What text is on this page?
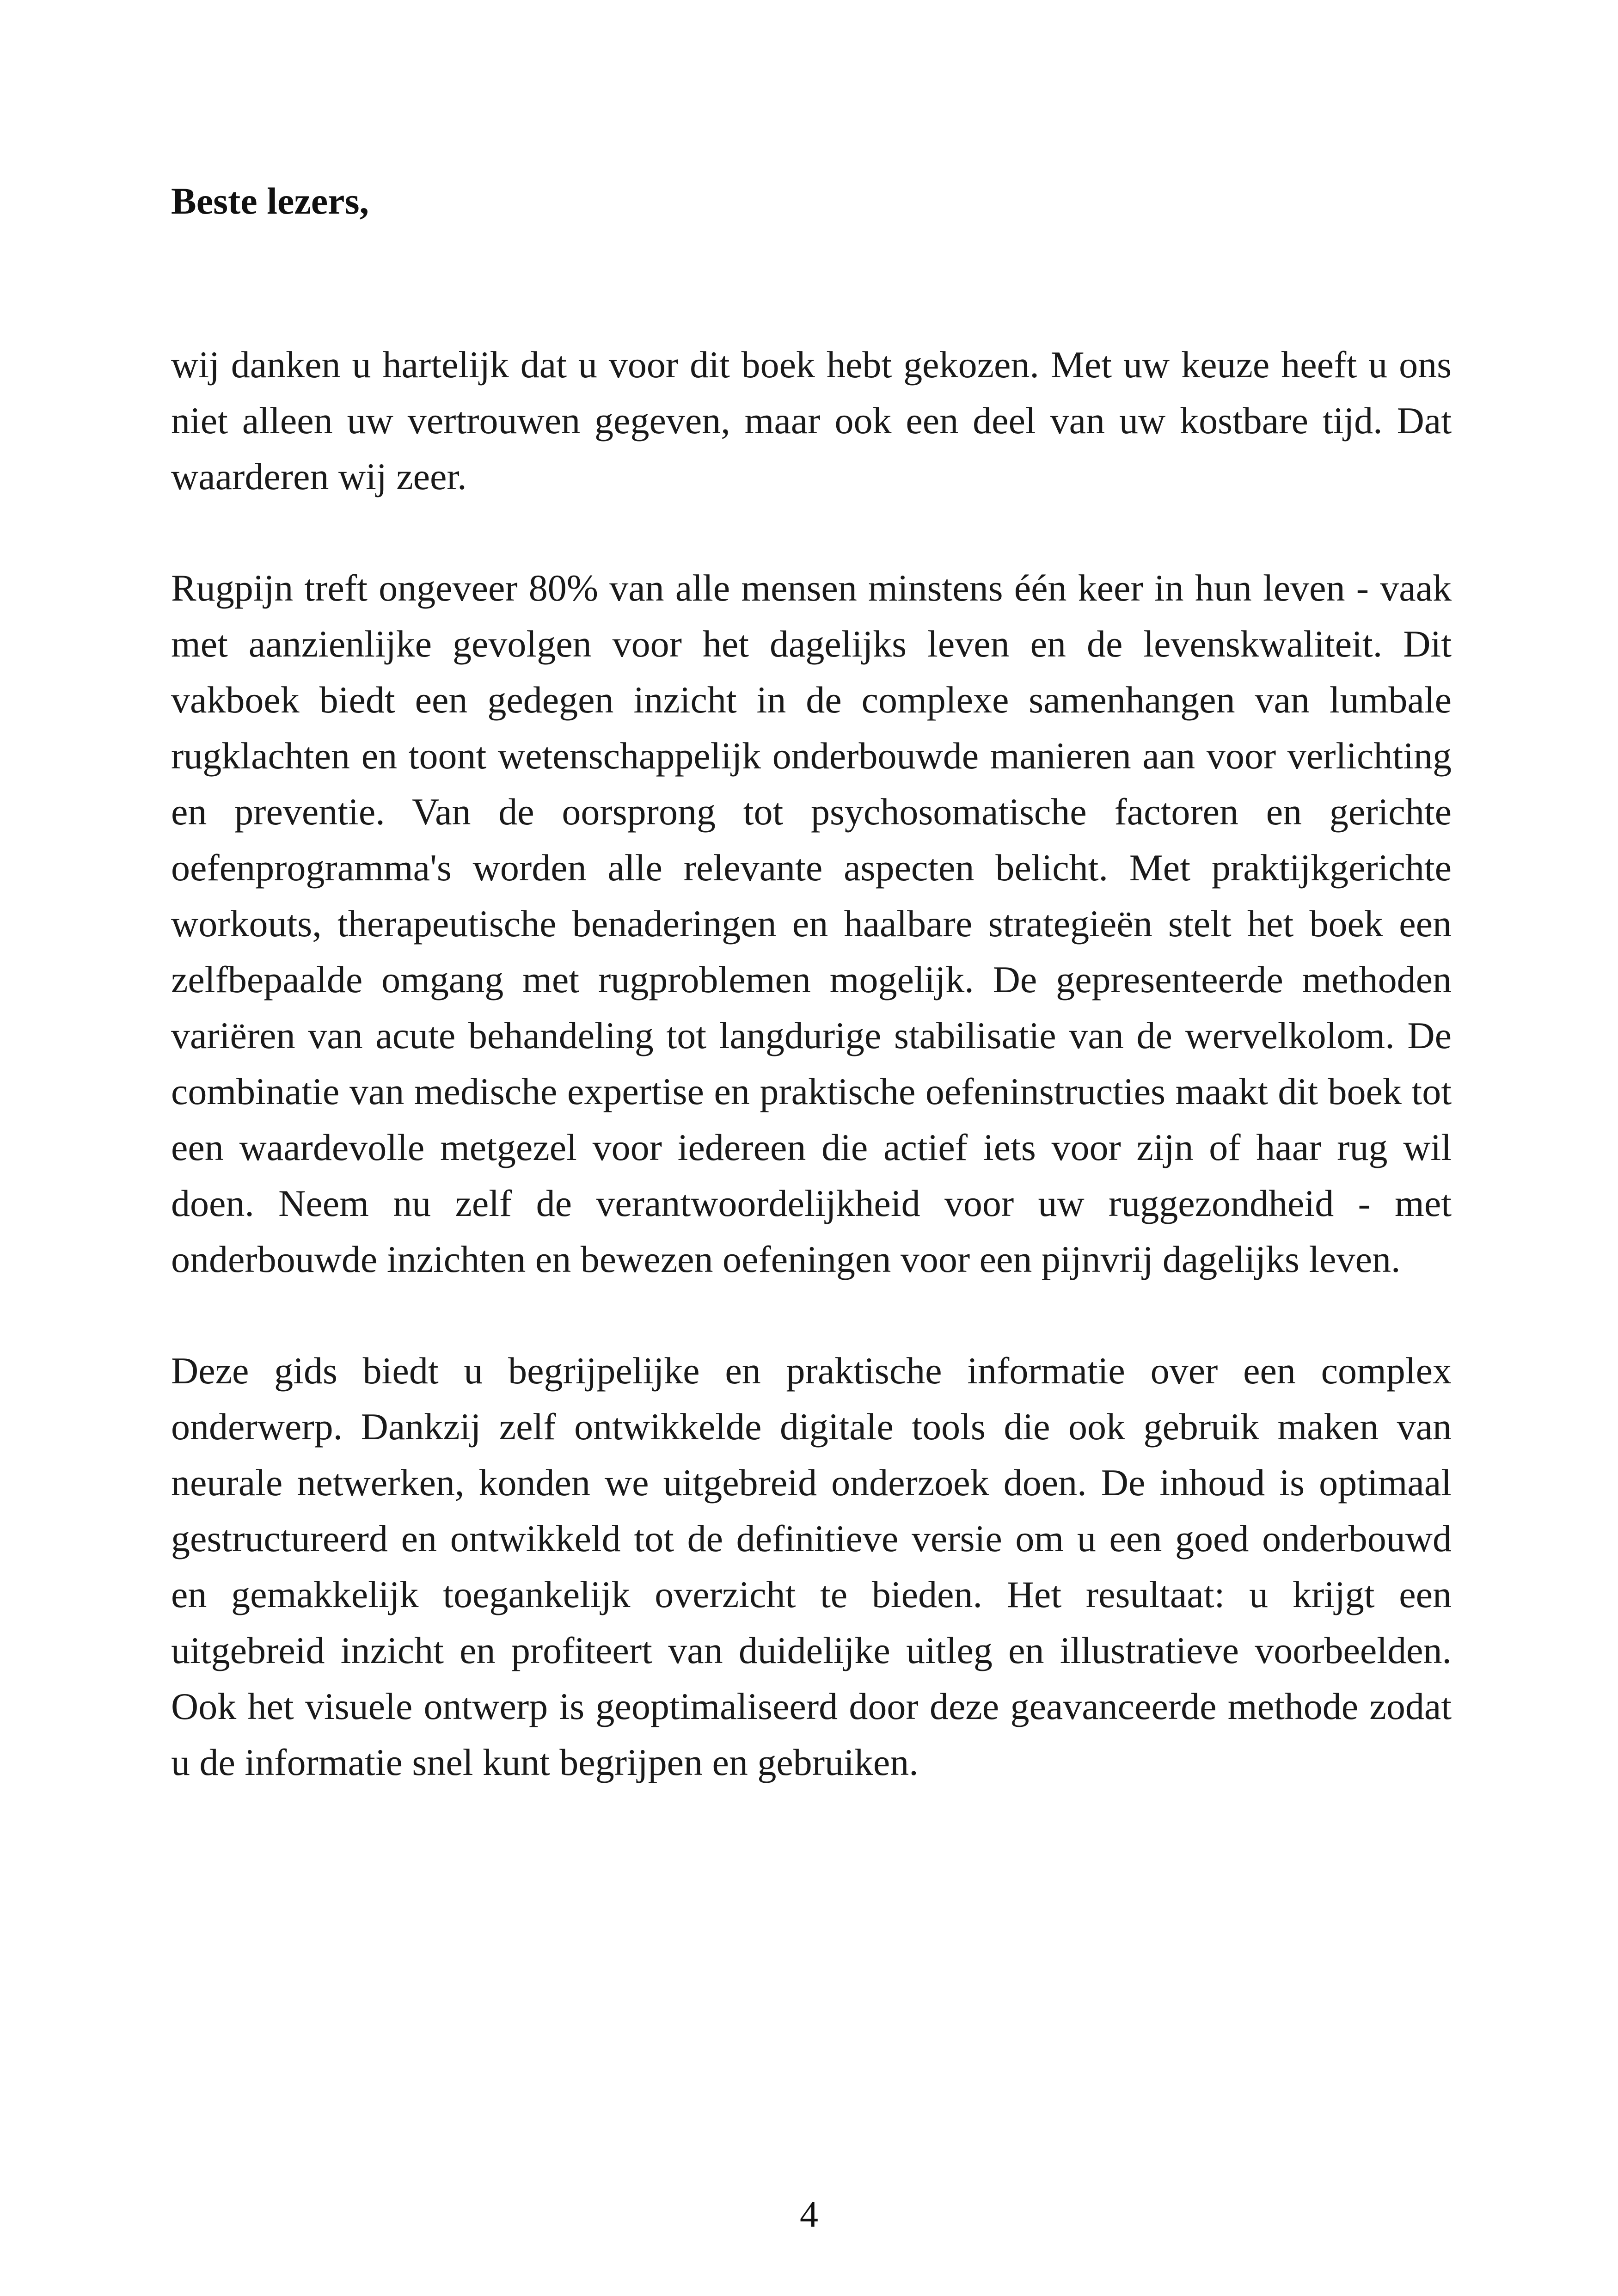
Beste lezers,

wij danken u hartelijk dat u voor dit boek hebt gekozen. Met uw keuze heeft u ons niet alleen uw vertrouwen gegeven, maar ook een deel van uw kostbare tijd. Dat waarderen wij zeer.

Rugpijn treft ongeveer 80% van alle mensen minstens één keer in hun leven - vaak met aanzienlijke gevolgen voor het dagelijks leven en de levenskwaliteit. Dit vakboek biedt een gedegen inzicht in de complexe samenhangen van lumbale rugklachten en toont wetenschappelijk onderbouwde manieren aan voor verlichting en preventie. Van de oorsprong tot psychosomatische factoren en gerichte oefenprogramma's worden alle relevante aspecten belicht. Met praktijkgerichte workouts, therapeutische benaderingen en haalbare strategieën stelt het boek een zelfbepaalde omgang met rugproblemen mogelijk. De gepresenteerde methoden variëren van acute behandeling tot langdurige stabilisatie van de wervelkolom. De combinatie van medische expertise en praktische oefeninstructies maakt dit boek tot een waardevolle metgezel voor iedereen die actief iets voor zijn of haar rug wil doen. Neem nu zelf de verantwoordelijkheid voor uw ruggezondheid - met onderbouwde inzichten en bewezen oefeningen voor een pijnvrij dagelijks leven.

Deze gids biedt u begrijpelijke en praktische informatie over een complex onderwerp. Dankzij zelf ontwikkelde digitale tools die ook gebruik maken van neurale netwerken, konden we uitgebreid onderzoek doen. De inhoud is optimaal gestructureerd en ontwikkeld tot de definitieve versie om u een goed onderbouwd en gemakkelijk toegankelijk overzicht te bieden. Het resultaat: u krijgt een uitgebreid inzicht en profiteert van duidelijke uitleg en illustratieve voorbeelden. Ook het visuele ontwerp is geoptimaliseerd door deze geavanceerde methode zodat u de informatie snel kunt begrijpen en gebruiken.

4
